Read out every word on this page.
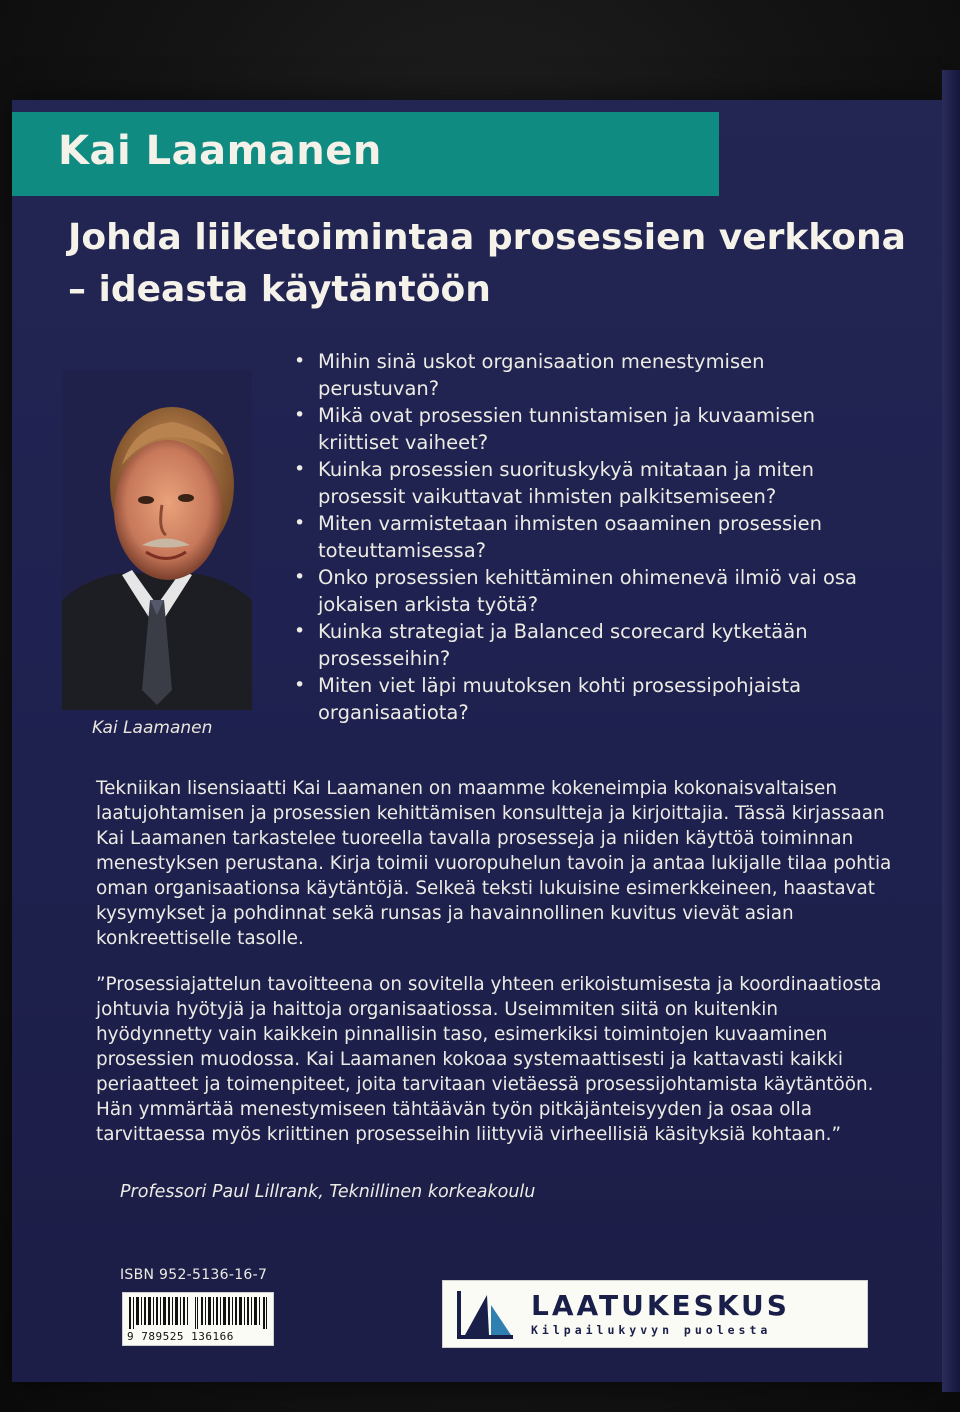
Kai Laamanen
Johda liiketoimintaa prosessien verkkona
– ideasta käytäntöön
Kai Laamanen
• Mihin sinä uskot organisaation menestymisen perustuvan?
• Mikä ovat prosessien tunnistamisen ja kuvaamisen kriittiset vaiheet?
• Kuinka prosessien suorituskykyä mitataan ja miten prosessit vaikuttavat ihmisten palkitsemiseen?
• Miten varmistetaan ihmisten osaaminen prosessien toteuttamisessa?
• Onko prosessien kehittäminen ohimenevä ilmiö vai osa jokaisen arkista työtä?
• Kuinka strategiat ja Balanced scorecard kytketään prosesseihin?
• Miten viet läpi muutoksen kohti prosessipohjaista organisaatiota?

Tekniikan lisensiaatti Kai Laamanen on maamme kokeneimpia kokonaisvaltaisen laatujohtamisen ja prosessien kehittämisen konsultteja ja kirjoittajia. Tässä kirjassaan Kai Laamanen tarkastelee tuoreella tavalla prosesseja ja niiden käyttöä toiminnan menestyksen perustana. Kirja toimii vuoropuhelun tavoin ja antaa lukijalle tilaa pohtia oman organisaationsa käytäntöjä. Selkeä teksti lukuisine esimerkkeineen, haastavat kysymykset ja pohdinnat sekä runsas ja havainnollinen kuvitus vievät asian konkreettiselle tasolle.

”Prosessiajattelun tavoitteena on sovitella yhteen erikoistumisesta ja koordinaatiosta johtuvia hyötyjä ja haittoja organisaatiossa. Useimmiten siitä on kuitenkin hyödynnetty vain kaikkein pinnallisin taso, esimerkiksi toimintojen kuvaaminen prosessien muodossa. Kai Laamanen kokoaa systemaattisesti ja kattavasti kaikki periaatteet ja toimenpiteet, joita tarvitaan vietäessä prosessijohtamista käytäntöön. Hän ymmärtää menestymiseen tähtäävän työn pitkäjänteisyyden ja osaa olla tarvittaessa myös kriittinen prosesseihin liittyviä virheellisiä käsityksiä kohtaan.”

Professori Paul Lillrank, Teknillinen korkeakoulu
ISBN 952-5136-16-7
9 789525 136166
LAATUKESKUS
Kilpailukyvyn puolesta
